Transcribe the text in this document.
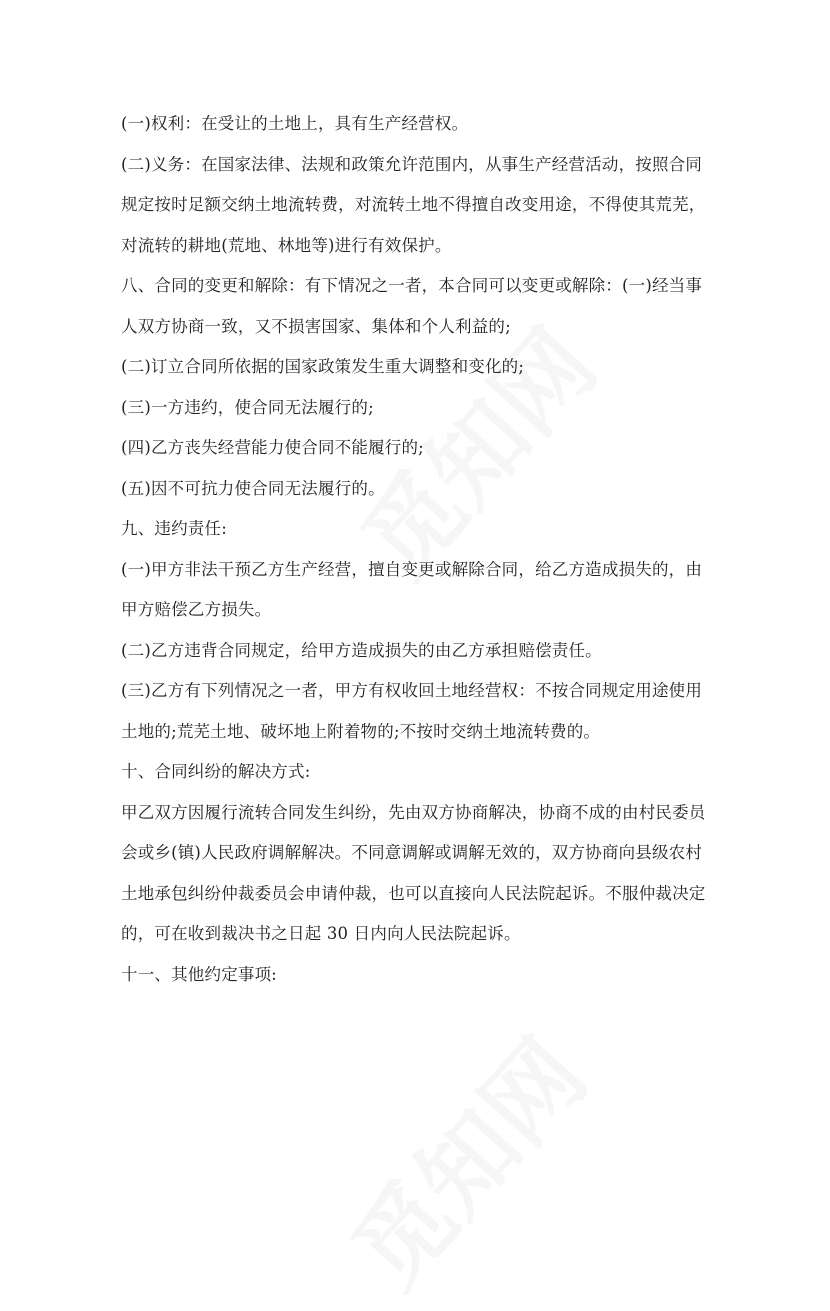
(一)权利：在受让的土地上，具有生产经营权。
(二)义务：在国家法律、法规和政策允许范围内，从事生产经营活动，按照合同
规定按时足额交纳土地流转费，对流转土地不得擅自改变用途，不得使其荒芜，
对流转的耕地(荒地、林地等)进行有效保护。
八、合同的变更和解除：有下情况之一者，本合同可以变更或解除：(一)经当事
人双方协商一致，又不损害国家、集体和个人利益的;
(二)订立合同所依据的国家政策发生重大调整和变化的;
(三)一方违约，使合同无法履行的;
(四)乙方丧失经营能力使合同不能履行的;
(五)因不可抗力使合同无法履行的。
九、违约责任:
(一)甲方非法干预乙方生产经营，擅自变更或解除合同，给乙方造成损失的，由
甲方赔偿乙方损失。
(二)乙方违背合同规定，给甲方造成损失的由乙方承担赔偿责任。
(三)乙方有下列情况之一者，甲方有权收回土地经营权：不按合同规定用途使用
土地的;荒芜土地、破坏地上附着物的;不按时交纳土地流转费的。
十、合同纠纷的解决方式:
甲乙双方因履行流转合同发生纠纷，先由双方协商解决，协商不成的由村民委员
会或乡(镇)人民政府调解解决。不同意调解或调解无效的，双方协商向县级农村
土地承包纠纷仲裁委员会申请仲裁，也可以直接向人民法院起诉。不服仲裁决定
的，可在收到裁决书之日起 30 日内向人民法院起诉。
十一、其他约定事项:
